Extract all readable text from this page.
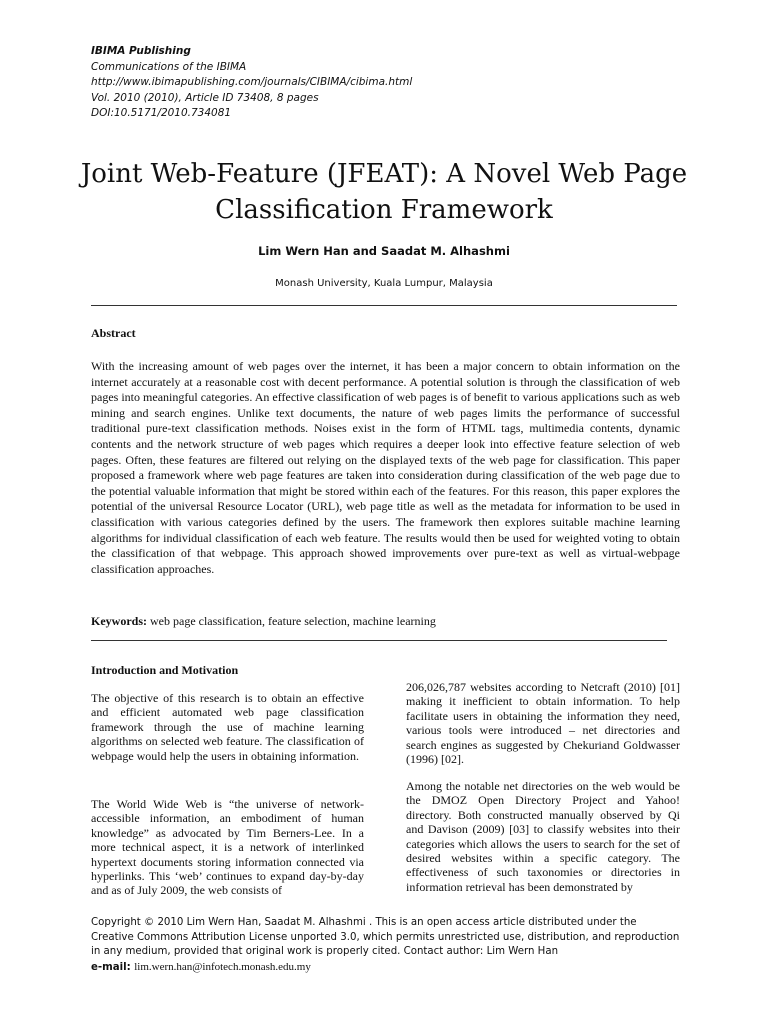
IBIMA Publishing
Communications of the IBIMA
http://www.ibimapublishing.com/journals/CIBIMA/cibima.html
Vol. 2010 (2010), Article ID 73408, 8 pages
DOI:10.5171/2010.734081
Joint Web-Feature (JFEAT): A Novel Web Page Classification Framework
Lim Wern Han and Saadat M. Alhashmi
Monash University, Kuala Lumpur, Malaysia
Abstract
With the increasing amount of web pages over the internet, it has been a major concern to obtain information on the internet accurately at a reasonable cost with decent performance. A potential solution is through the classification of web pages into meaningful categories. An effective classification of web pages is of benefit to various applications such as web mining and search engines. Unlike text documents, the nature of web pages limits the performance of successful traditional pure-text classification methods. Noises exist in the form of HTML tags, multimedia contents, dynamic contents and the network structure of web pages which requires a deeper look into effective feature selection of web pages. Often, these features are filtered out relying on the displayed texts of the web page for classification. This paper proposed a framework where web page features are taken into consideration during classification of the web page due to the potential valuable information that might be stored within each of the features. For this reason, this paper explores the potential of the universal Resource Locator (URL), web page title as well as the metadata for information to be used in classification with various categories defined by the users. The framework then explores suitable machine learning algorithms for individual classification of each web feature. The results would then be used for weighted voting to obtain the classification of that webpage. This approach showed improvements over pure-text as well as virtual-webpage classification approaches.
Keywords: web page classification, feature selection, machine learning
Introduction and Motivation
The objective of this research is to obtain an effective and efficient automated web page classification framework through the use of machine learning algorithms on selected web feature. The classification of webpage would help the users in obtaining information.
The World Wide Web is “the universe of network-accessible information, an embodiment of human knowledge” as advocated by Tim Berners-Lee. In a more technical aspect, it is a network of interlinked hypertext documents storing information connected via hyperlinks. This ‘web’ continues to expand day-by-day and as of July 2009, the web consists of
206,026,787 websites according to Netcraft (2010) [01] making it inefficient to obtain information. To help facilitate users in obtaining the information they need, various tools were introduced – net directories and search engines as suggested by Chekuriand Goldwasser (1996) [02].
Among the notable net directories on the web would be the DMOZ Open Directory Project and Yahoo! directory. Both constructed manually observed by Qi and Davison (2009) [03] to classify websites into their categories which allows the users to search for the set of desired websites within a specific category. The effectiveness of such taxonomies or directories in information retrieval has been demonstrated by
Copyright © 2010 Lim Wern Han, Saadat M. Alhashmi . This is an open access article distributed under the Creative Commons Attribution License unported 3.0, which permits unrestricted use, distribution, and reproduction in any medium, provided that original work is properly cited. Contact author: Lim Wern Han
e-mail: lim.wern.han@infotech.monash.edu.my
